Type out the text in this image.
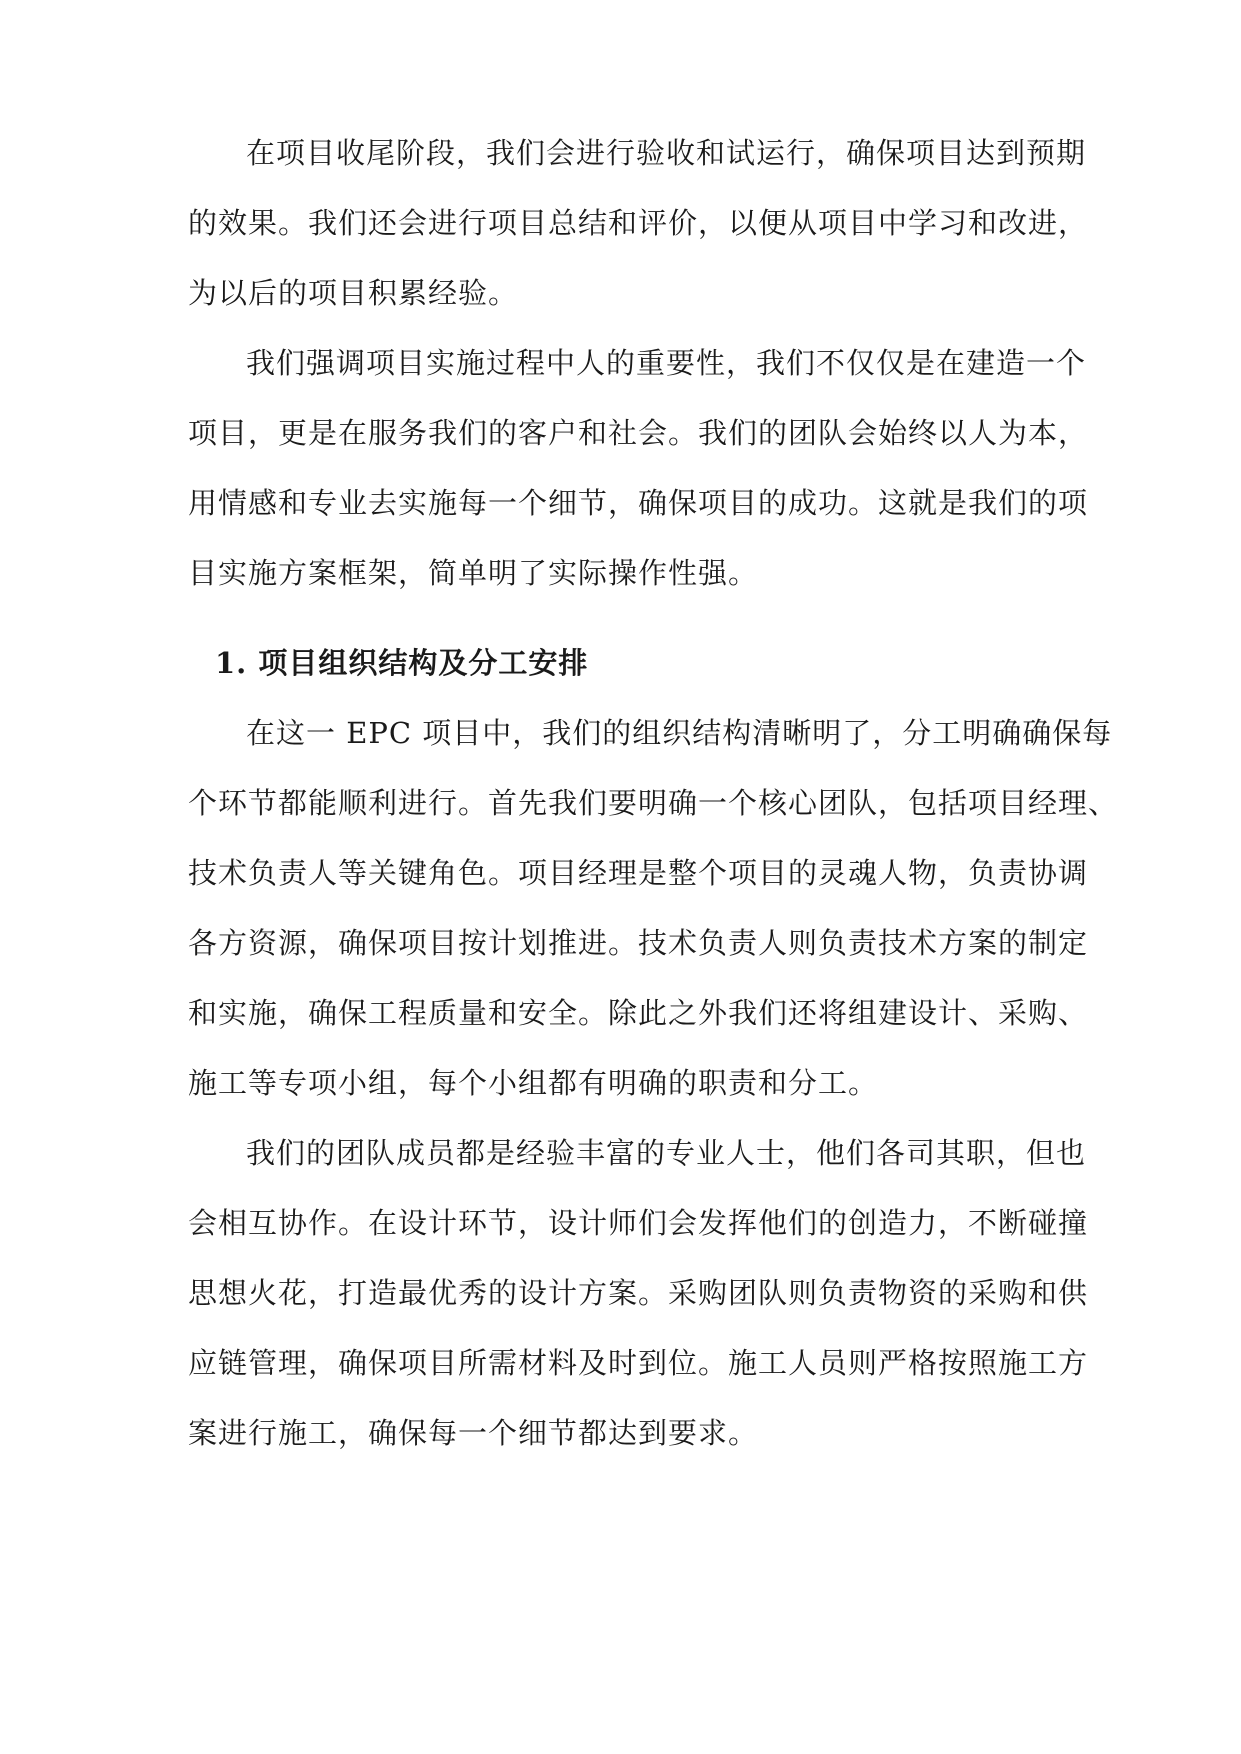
在项目收尾阶段，我们会进行验收和试运行，确保项目达到预期
的效果。我们还会进行项目总结和评价，以便从项目中学习和改进，
为以后的项目积累经验。
我们强调项目实施过程中人的重要性，我们不仅仅是在建造一个
项目，更是在服务我们的客户和社会。我们的团队会始终以人为本，
用情感和专业去实施每一个细节，确保项目的成功。这就是我们的项
目实施方案框架，简单明了实际操作性强。
1. 项目组织结构及分工安排
在这一 EPC 项目中，我们的组织结构清晰明了，分工明确确保每
个环节都能顺利进行。首先我们要明确一个核心团队，包括项目经理、
技术负责人等关键角色。项目经理是整个项目的灵魂人物，负责协调
各方资源，确保项目按计划推进。技术负责人则负责技术方案的制定
和实施，确保工程质量和安全。除此之外我们还将组建设计、采购、
施工等专项小组，每个小组都有明确的职责和分工。
我们的团队成员都是经验丰富的专业人士，他们各司其职，但也
会相互协作。在设计环节，设计师们会发挥他们的创造力，不断碰撞
思想火花，打造最优秀的设计方案。采购团队则负责物资的采购和供
应链管理，确保项目所需材料及时到位。施工人员则严格按照施工方
案进行施工，确保每一个细节都达到要求。
